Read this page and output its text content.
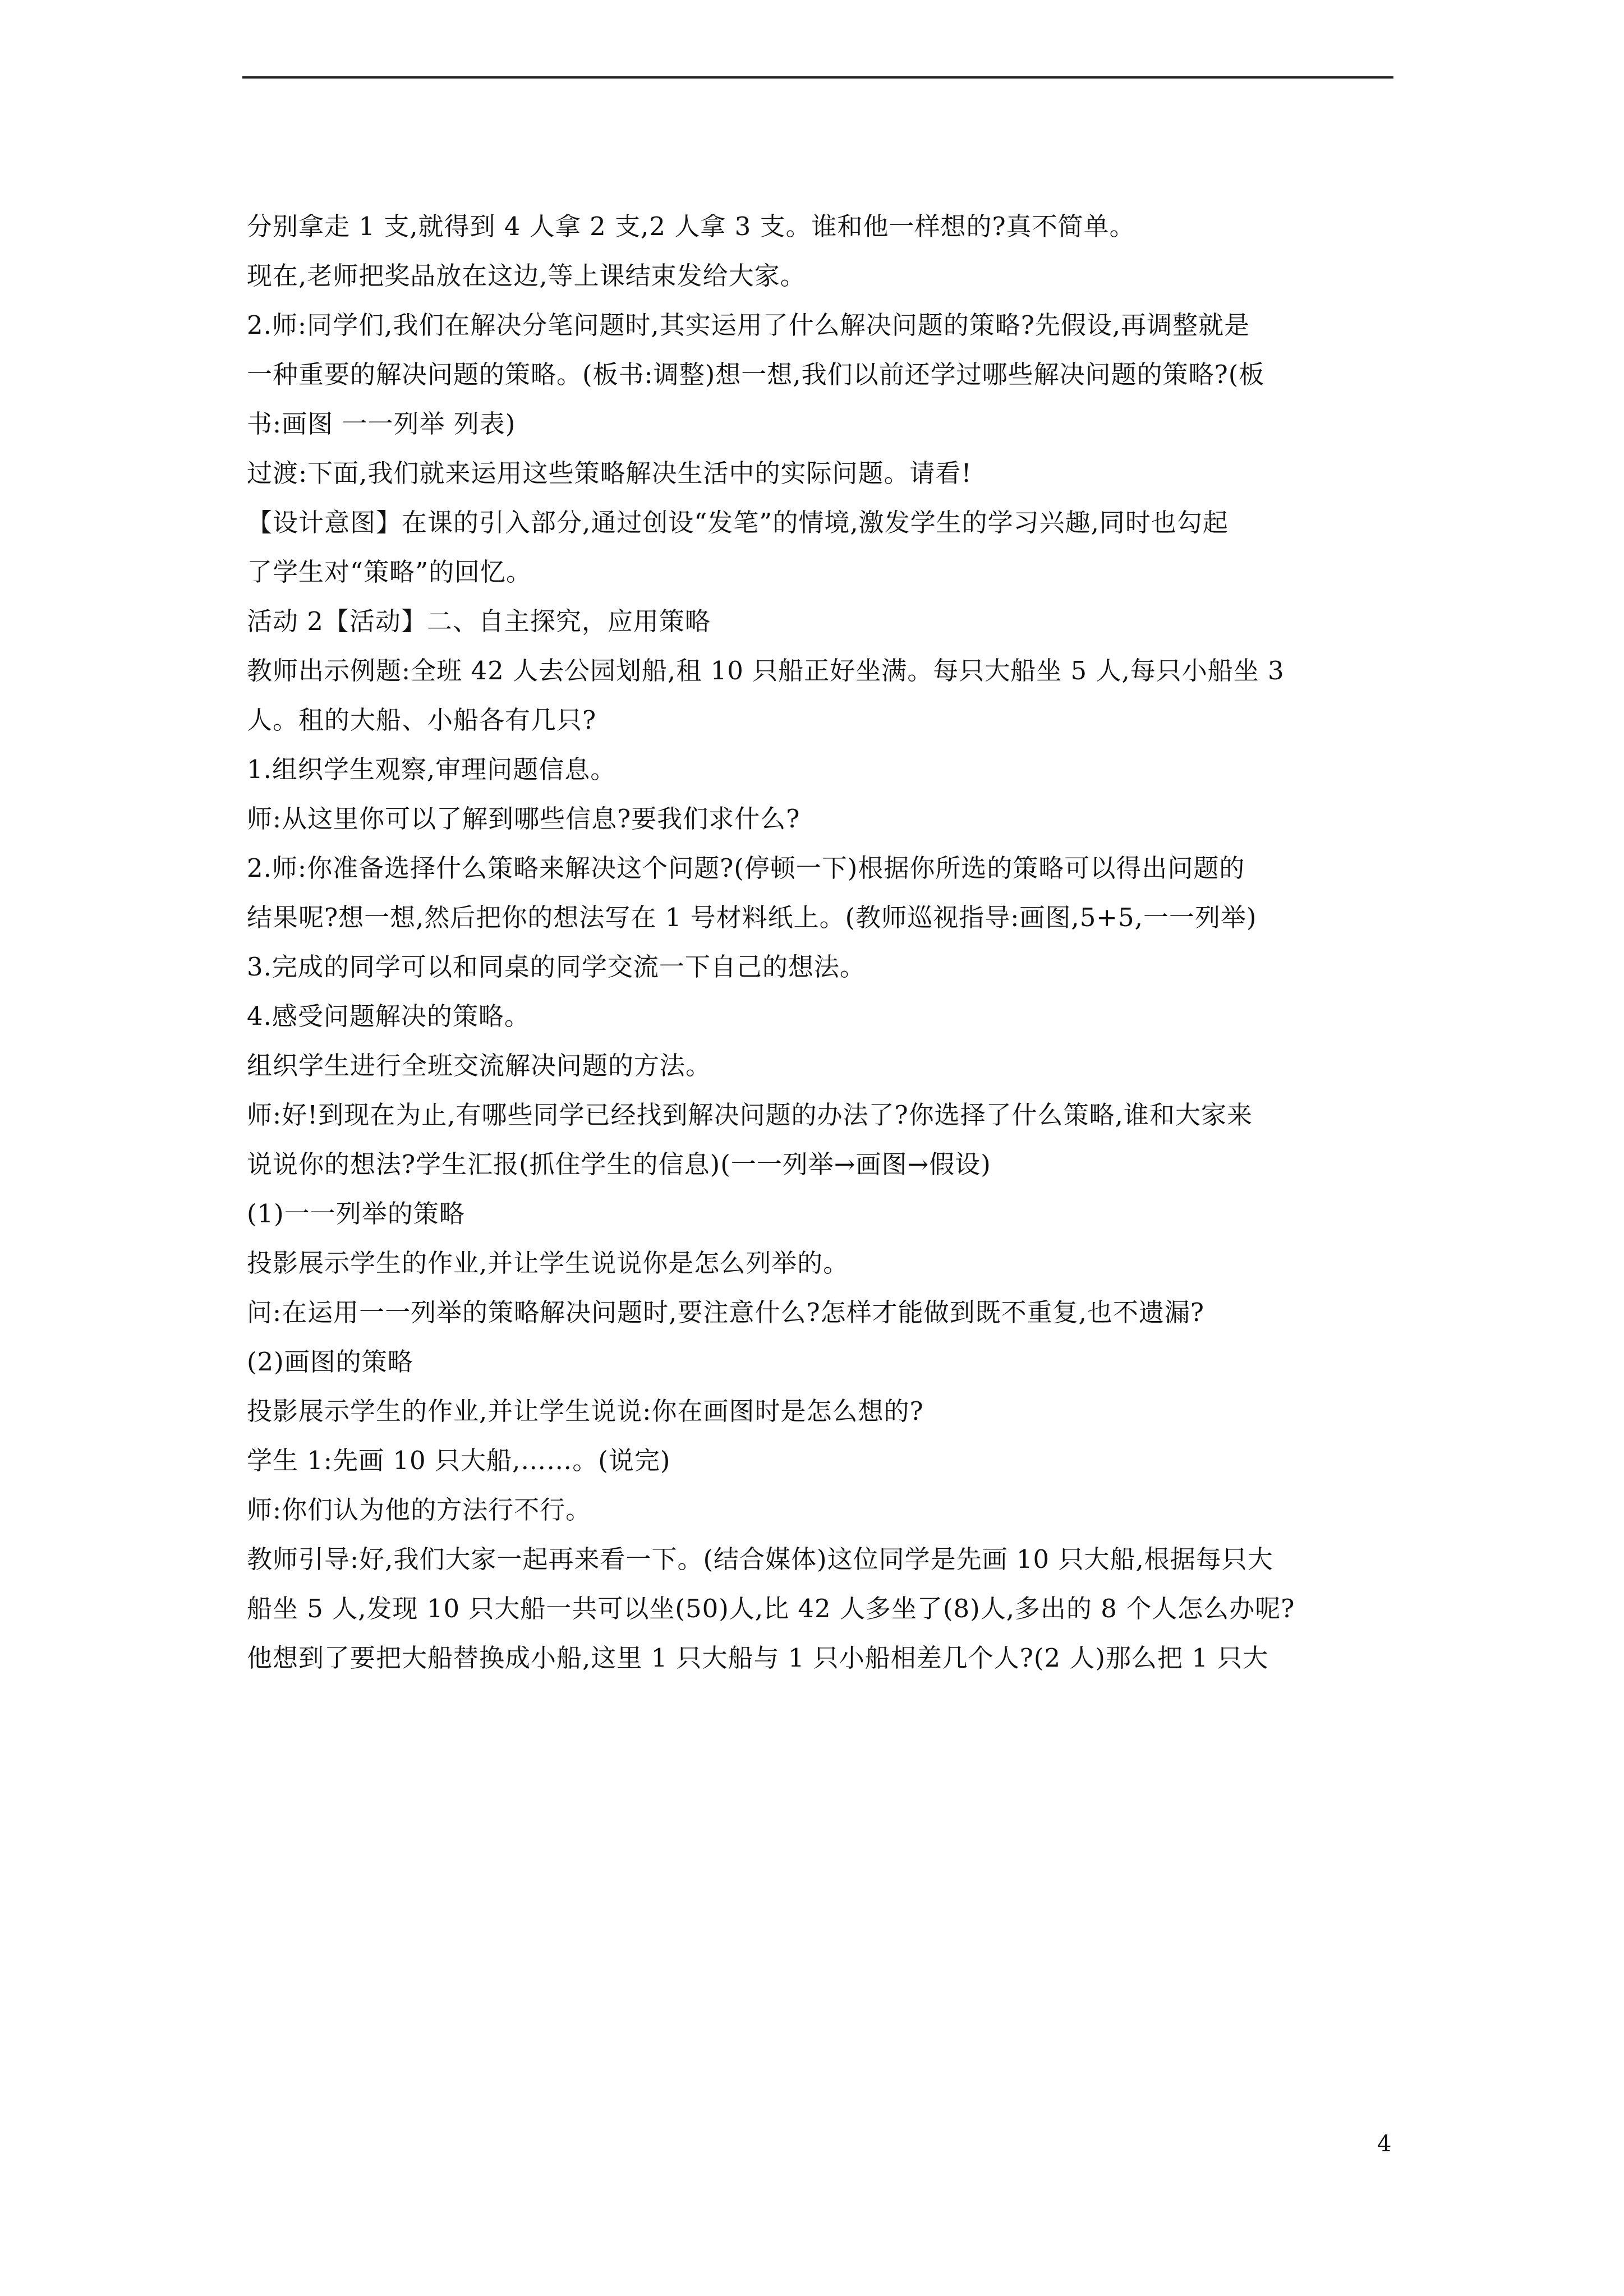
分别拿走 1 支,就得到 4 人拿 2 支,2 人拿 3 支。谁和他一样想的?真不简单。

现在,老师把奖品放在这边,等上课结束发给大家。

2.师:同学们,我们在解决分笔问题时,其实运用了什么解决问题的策略?先假设,再调整就是

一种重要的解决问题的策略。(板书:调整)想一想,我们以前还学过哪些解决问题的策略?(板

书:画图 一一列举 列表)

过渡:下面,我们就来运用这些策略解决生活中的实际问题。请看!

【设计意图】在课的引入部分,通过创设“发笔”的情境,激发学生的学习兴趣,同时也勾起

了学生对“策略”的回忆。

活动 2【活动】二、自主探究，应用策略

教师出示例题:全班 42 人去公园划船,租 10 只船正好坐满。每只大船坐 5 人,每只小船坐 3

人。租的大船、小船各有几只?

1.组织学生观察,审理问题信息。

师:从这里你可以了解到哪些信息?要我们求什么?

2.师:你准备选择什么策略来解决这个问题?(停顿一下)根据你所选的策略可以得出问题的

结果呢?想一想,然后把你的想法写在 1 号材料纸上。(教师巡视指导:画图,5+5,一一列举)

3.完成的同学可以和同桌的同学交流一下自己的想法。

4.感受问题解决的策略。

组织学生进行全班交流解决问题的方法。

师:好!到现在为止,有哪些同学已经找到解决问题的办法了?你选择了什么策略,谁和大家来

说说你的想法?学生汇报(抓住学生的信息)(一一列举→画图→假设)

(1)一一列举的策略

投影展示学生的作业,并让学生说说你是怎么列举的。

问:在运用一一列举的策略解决问题时,要注意什么?怎样才能做到既不重复,也不遗漏?

(2)画图的策略

投影展示学生的作业,并让学生说说:你在画图时是怎么想的?

学生 1:先画 10 只大船,……。(说完)

师:你们认为他的方法行不行。

教师引导:好,我们大家一起再来看一下。(结合媒体)这位同学是先画 10 只大船,根据每只大

船坐 5 人,发现 10 只大船一共可以坐(50)人,比 42 人多坐了(8)人,多出的 8 个人怎么办呢?

他想到了要把大船替换成小船,这里 1 只大船与 1 只小船相差几个人?(2 人)那么把 1 只大

4
